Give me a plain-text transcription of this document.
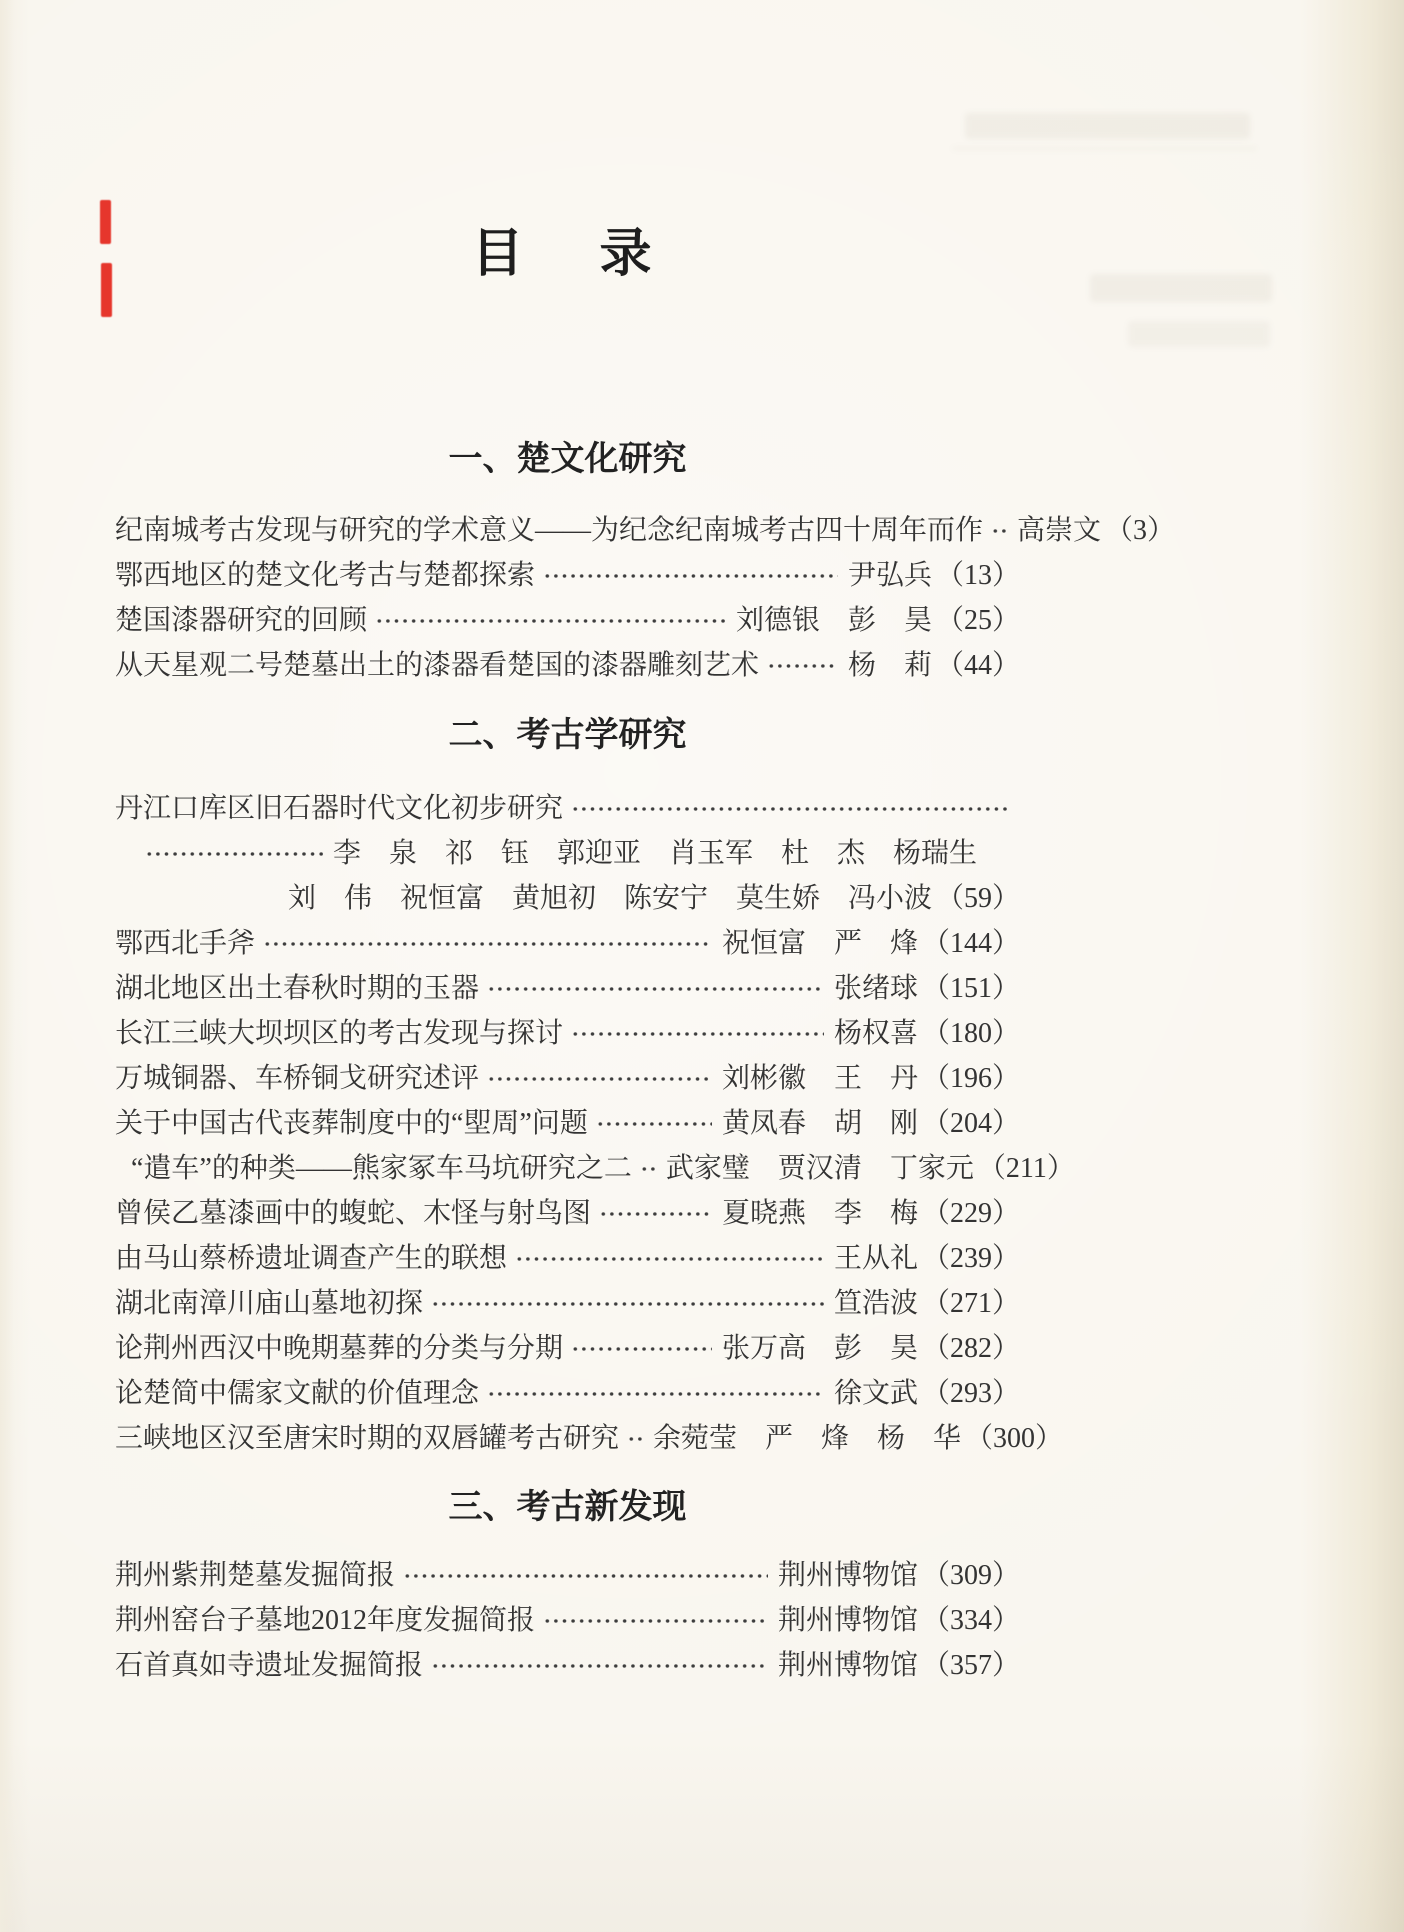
目　录
一、楚文化研究
纪南城考古发现与研究的学术意义——为纪念纪南城考古四十周年而作 高崇文 （3）
鄂西地区的楚文化考古与楚都探索	尹弘兵 （13）
楚国漆器研究的回顾	刘德银　彭　昊 （25）
从天星观二号楚墓出土的漆器看楚国的漆器雕刻艺术	杨　莉 （44）
二、考古学研究
丹江口库区旧石器时代文化初步研究
李　泉　祁　钰　郭迎亚　肖玉军　杜　杰　杨瑞生
刘　伟　祝恒富　黄旭初　陈安宁　莫生娇　冯小波 （59）
鄂西北手斧	祝恒富　严　烽 （144）
湖北地区出土春秋时期的玉器	张绪球 （151）
长江三峡大坝坝区的考古发现与探讨	杨权喜 （180）
万城铜器、车桥铜戈研究述评	刘彬徽　王　丹 （196）
关于中国古代丧葬制度中的“堲周”问题	黄凤春　胡　刚 （204）
“遣车”的种类——熊家冢车马坑研究之二 武家璧　贾汉清　丁家元 （211）
曾侯乙墓漆画中的蝮蛇、木怪与射鸟图	夏晓燕　李　梅 （229）
由马山蔡桥遗址调查产生的联想	王从礼 （239）
湖北南漳川庙山墓地初探	笪浩波 （271）
论荆州西汉中晚期墓葬的分类与分期	张万高　彭　昊 （282）
论楚简中儒家文献的价值理念	徐文武 （293）
三峡地区汉至唐宋时期的双唇罐考古研究 余菀莹　严　烽　杨　华 （300）
三、考古新发现
荆州紫荆楚墓发掘简报	荆州博物馆 （309）
荆州窑台子墓地2012年度发掘简报	荆州博物馆 （334）
石首真如寺遗址发掘简报	荆州博物馆 （357）
